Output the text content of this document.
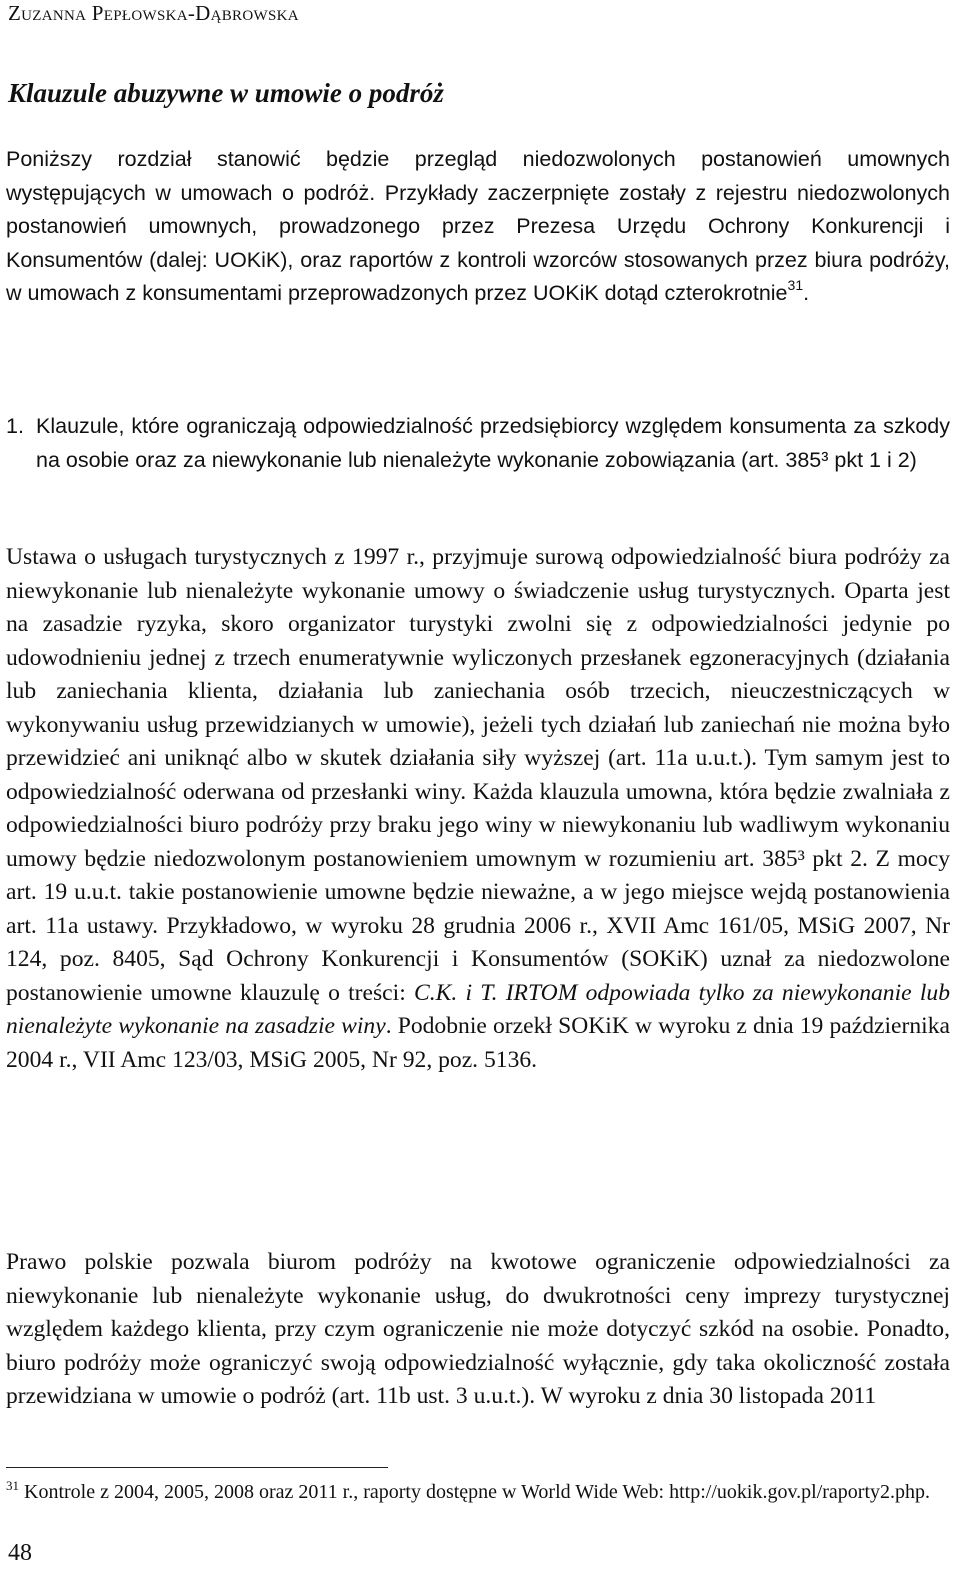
Zuzanna Pepłowska-Dąbrowska
Klauzule abuzywne w umowie o podróż
Poniższy rozdział stanowić będzie przegląd niedozwolonych postanowień umownych występujących w umowach o podróż. Przykłady zaczerpnięte zostały z rejestru niedozwolonych postanowień umownych, prowadzonego przez Prezesa Urzędu Ochrony Konkurencji i Konsumentów (dalej: UOKiK), oraz raportów z kontroli wzorców stosowanych przez biura podróży, w umowach z konsumentami przeprowadzonych przez UOKiK dotąd czterokrotnie$^{31}$.
1. Klauzule, które ograniczają odpowiedzialność przedsiębiorcy względem konsumenta za szkody na osobie oraz za niewykonanie lub nienależyte wykonanie zobowiązania (art. 385³ pkt 1 i 2)
Ustawa o usługach turystycznych z 1997 r., przyjmuje surową odpowiedzialność biura podróży za niewykonanie lub nienależyte wykonanie umowy o świadczenie usług turystycznych. Oparta jest na zasadzie ryzyka, skoro organizator turystyki zwolni się z odpowiedzialności jedynie po udowodnieniu jednej z trzech enumeratywnie wyliczonych przesłanek egzoneracyjnych (działania lub zaniechania klienta, działania lub zaniechania osób trzecich, nieuczestniczących w wykonywaniu usług przewidzianych w umowie), jeżeli tych działań lub zaniechań nie można było przewidzieć ani uniknąć albo w skutek działania siły wyższej (art. 11a u.u.t.). Tym samym jest to odpowiedzialność oderwana od przesłanki winy. Każda klauzula umowna, która będzie zwalniała z odpowiedzialności biuro podróży przy braku jego winy w niewykonaniu lub wadliwym wykonaniu umowy będzie niedozwolonym postanowieniem umownym w rozumieniu art. 385³ pkt 2. Z mocy art. 19 u.u.t. takie postanowienie umowne będzie nieważne, a w jego miejsce wejdą postanowienia art. 11a ustawy. Przykładowo, w wyroku 28 grudnia 2006 r., XVII Amc 161/05, MSiG 2007, Nr 124, poz. 8405, Sąd Ochrony Konkurencji i Konsumentów (SOKiK) uznał za niedozwolone postanowienie umowne klauzulę o treści: C.K. i T. IRTOM odpowiada tylko za niewykonanie lub nienależyte wykonanie na zasadzie winy. Podobnie orzekł SOKiK w wyroku z dnia 19 października 2004 r., VII Amc 123/03, MSiG 2005, Nr 92, poz. 5136.
Prawo polskie pozwala biurom podróży na kwotowe ograniczenie odpowiedzialności za niewykonanie lub nienależyte wykonanie usług, do dwukrotności ceny imprezy turystycznej względem każdego klienta, przy czym ograniczenie nie może dotyczyć szkód na osobie. Ponadto, biuro podróży może ograniczyć swoją odpowiedzialność wyłącznie, gdy taka okoliczność została przewidziana w umowie o podróż (art. 11b ust. 3 u.u.t.). W wyroku z dnia 30 listopada 2011
$^{31}$ Kontrole z 2004, 2005, 2008 oraz 2011 r., raporty dostępne w World Wide Web: http://uokik.gov.pl/raporty2.php.
48
